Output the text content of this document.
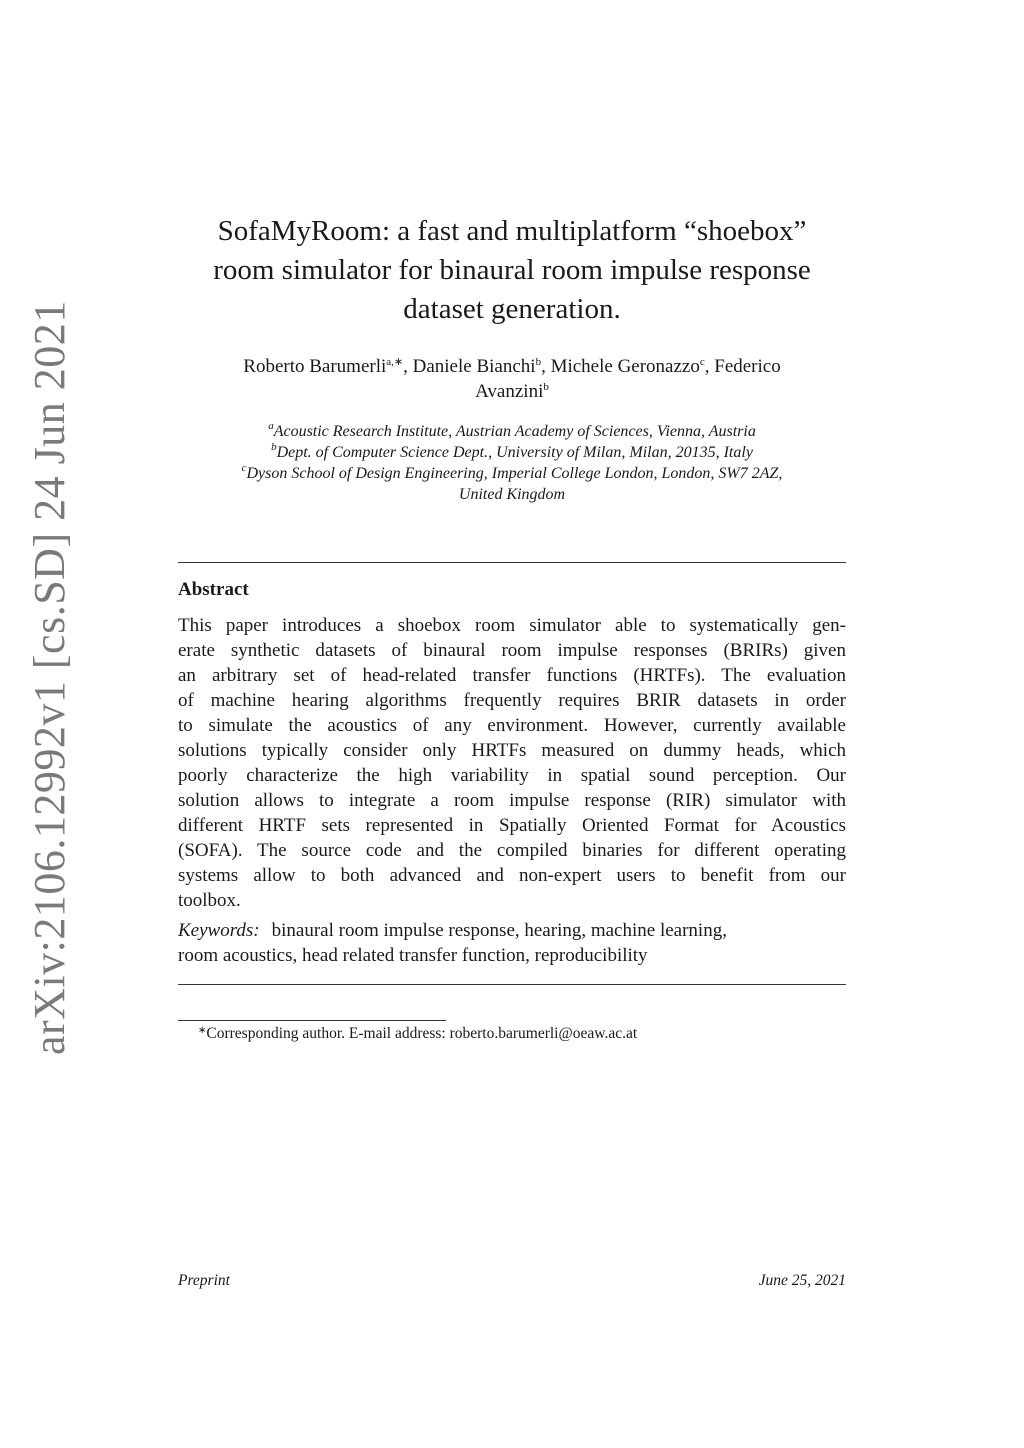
arXiv:2106.12992v1 [cs.SD] 24 Jun 2021
SofaMyRoom: a fast and multiplatform “shoebox”
room simulator for binaural room impulse response
dataset generation.
Roberto Barumerli$^{a,∗}$, Daniele Bianchi$^b$, Michele Geronazzo$^c$, Federico
Avanzini$^b$
$^a$Acoustic Research Institute, Austrian Academy of Sciences, Vienna, Austria
$^b$Dept. of Computer Science Dept., University of Milan, Milan, 20135, Italy
$^c$Dyson School of Design Engineering, Imperial College London, London, SW7 2AZ,
United Kingdom
Abstract
This paper introduces a shoebox room simulator able to systematically gen-
erate synthetic datasets of binaural room impulse responses (BRIRs) given
an arbitrary set of head-related transfer functions (HRTFs). The evaluation
of machine hearing algorithms frequently requires BRIR datasets in order
to simulate the acoustics of any environment. However, currently available
solutions typically consider only HRTFs measured on dummy heads, which
poorly characterize the high variability in spatial sound perception. Our
solution allows to integrate a room impulse response (RIR) simulator with
different HRTF sets represented in Spatially Oriented Format for Acoustics
(SOFA). The source code and the compiled binaries for different operating
systems allow to both advanced and non-expert users to benefit from our
toolbox.
Keywords: binaural room impulse response, hearing, machine learning,
room acoustics, head related transfer function, reproducibility
∗Corresponding author. E-mail address: roberto.barumerli@oeaw.ac.at
Preprint	June 25, 2021
